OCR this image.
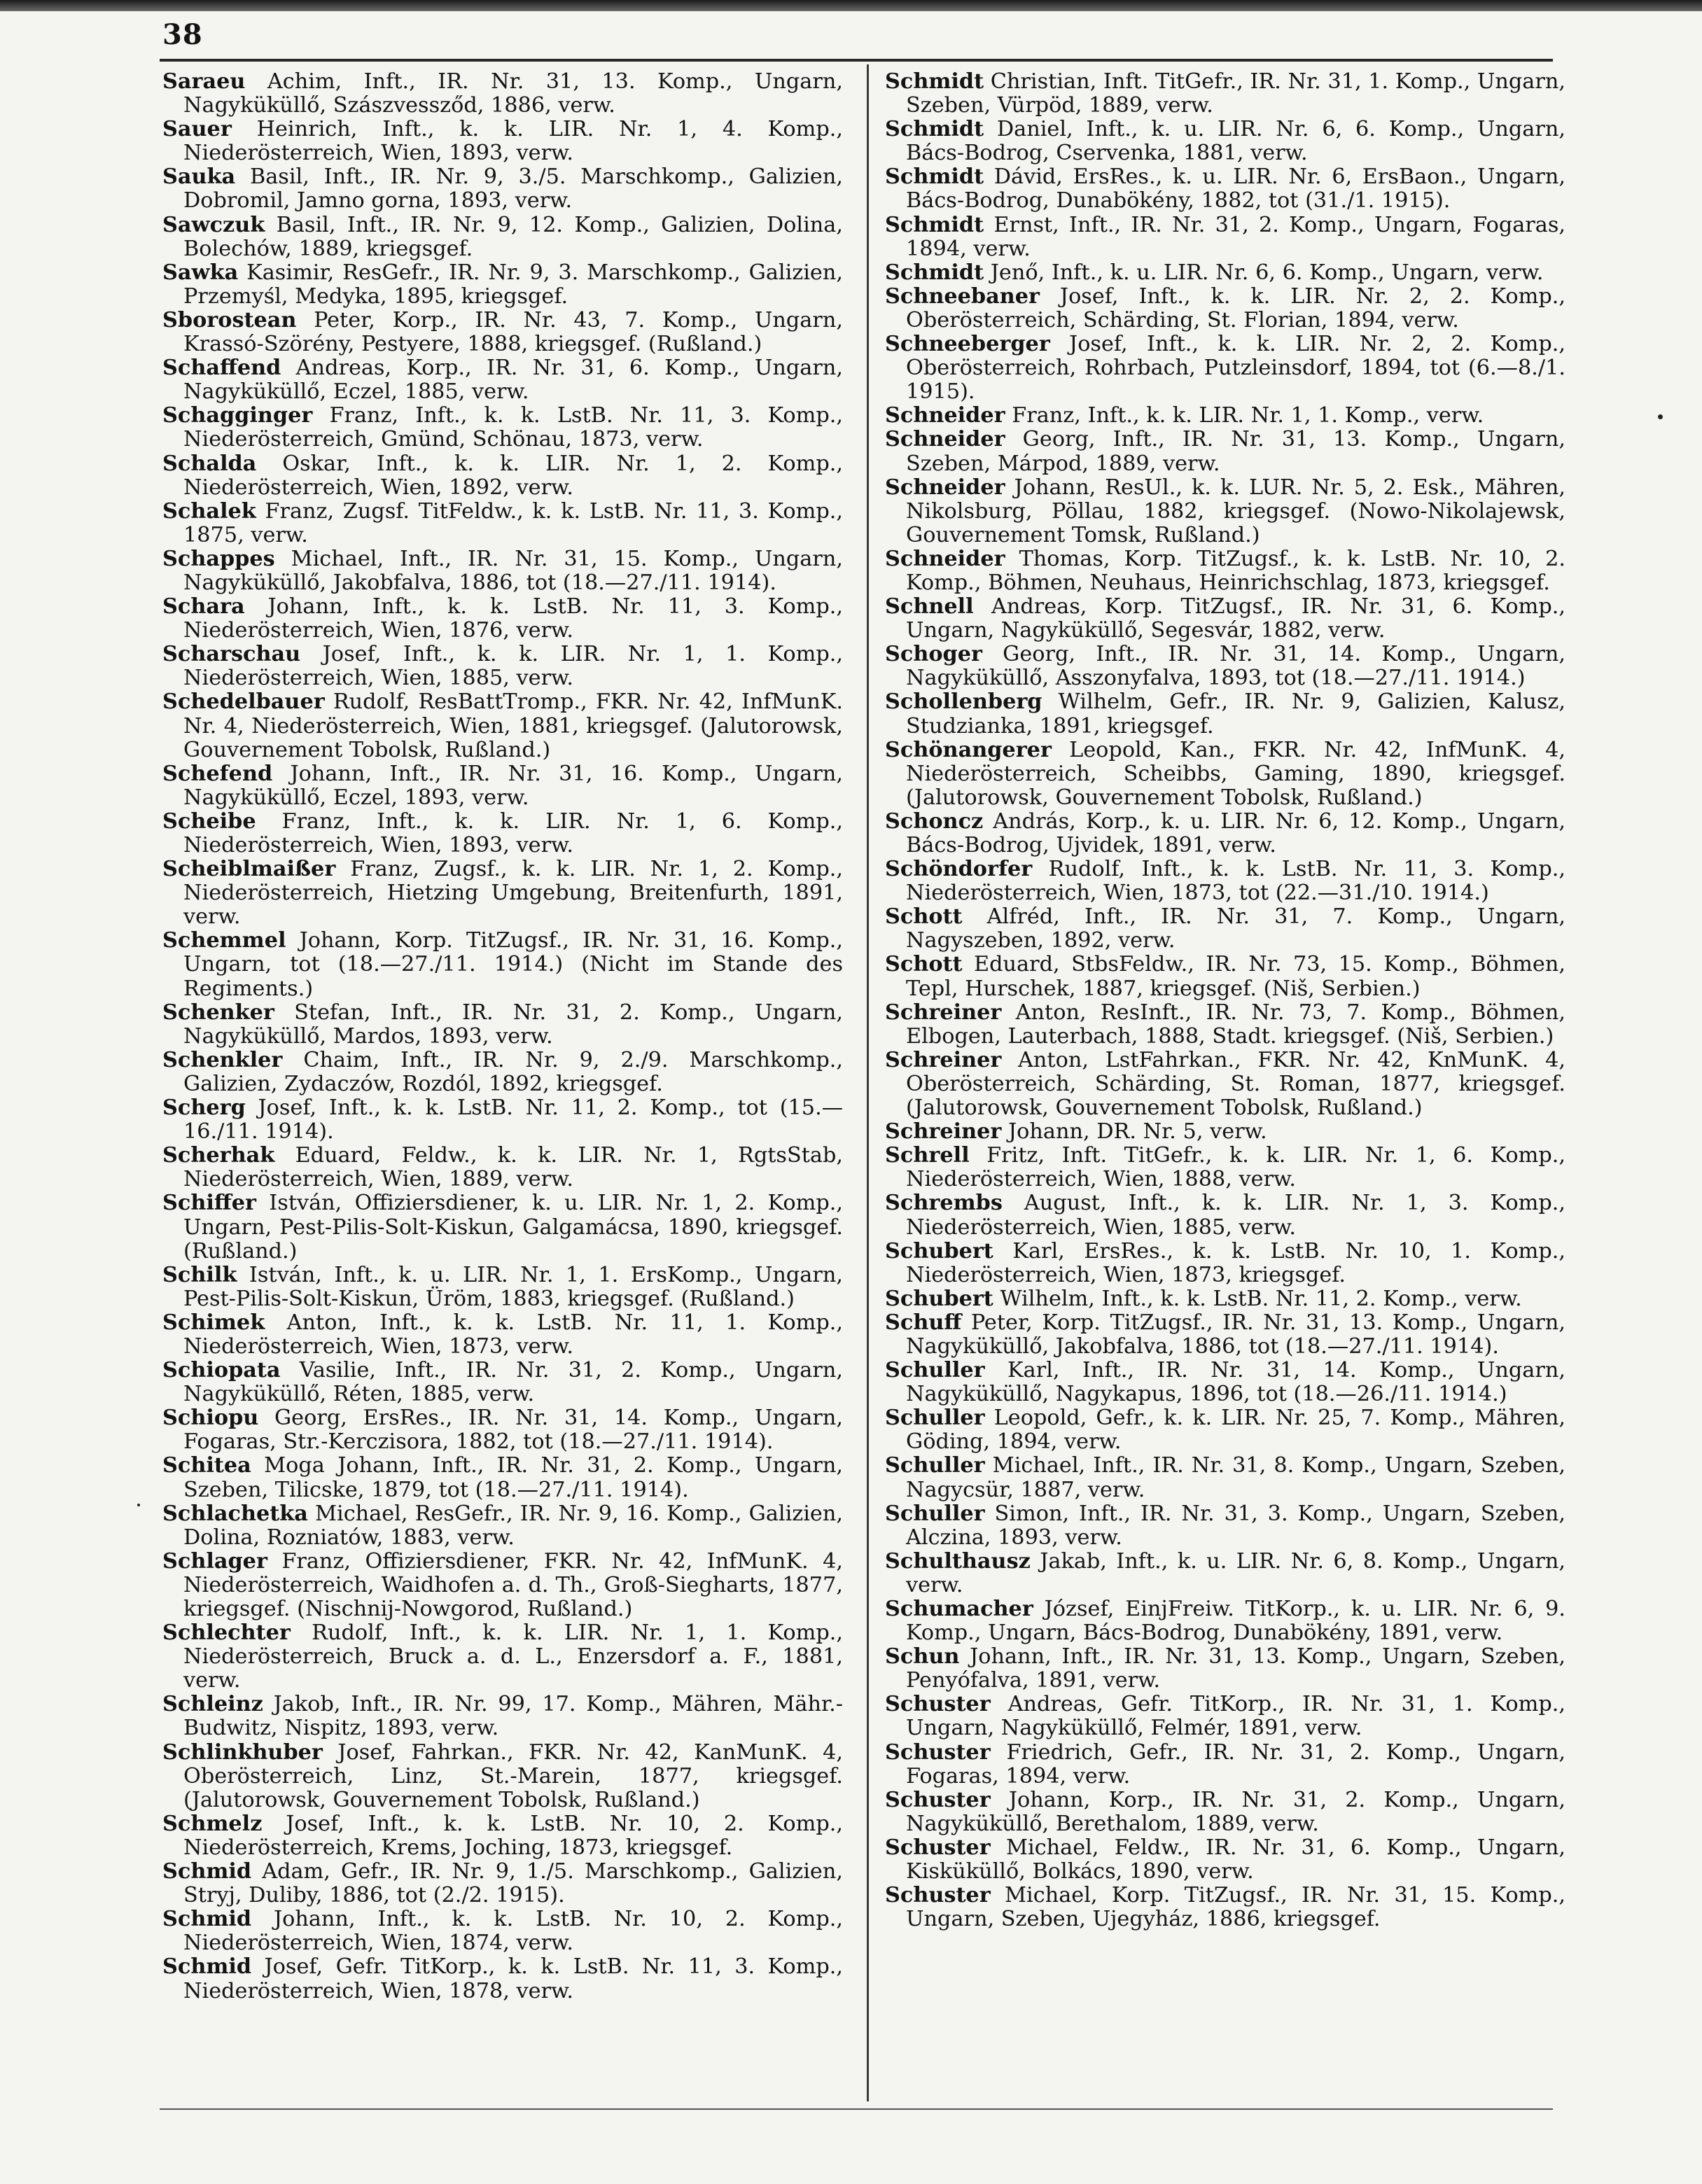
38

Saraeu Achim, Inft., IR. Nr. 31, 13. Komp., Ungarn, Nagyküküllő, Szászvessződ, 1886, verw.

Sauer Heinrich, Inft., k. k. LIR. Nr. 1, 4. Komp., Niederösterreich, Wien, 1893, verw.

Sauka Basil, Inft., IR. Nr. 9, 3./5. Marschkomp., Galizien, Dobromil, Jamno gorna, 1893, verw.

Sawczuk Basil, Inft., IR. Nr. 9, 12. Komp., Galizien, Dolina, Bolechów, 1889, kriegsgef.

Sawka Kasimir, ResGefr., IR. Nr. 9, 3. Marschkomp., Galizien, Przemyśl, Medyka, 1895, kriegsgef.

Sborostean Peter, Korp., IR. Nr. 43, 7. Komp., Ungarn, Krassó-Szörény, Pestyere, 1888, kriegsgef. (Rußland.)

Schaffend Andreas, Korp., IR. Nr. 31, 6. Komp., Ungarn, Nagyküküllő, Eczel, 1885, verw.

Schagginger Franz, Inft., k. k. LstB. Nr. 11, 3. Komp., Niederösterreich, Gmünd, Schönau, 1873, verw.

Schalda Oskar, Inft., k. k. LIR. Nr. 1, 2. Komp., Niederösterreich, Wien, 1892, verw.

Schalek Franz, Zugsf. TitFeldw., k. k. LstB. Nr. 11, 3. Komp., 1875, verw.

Schappes Michael, Inft., IR. Nr. 31, 15. Komp., Ungarn, Nagyküküllő, Jakobfalva, 1886, tot (18.—27./11. 1914).

Schara Johann, Inft., k. k. LstB. Nr. 11, 3. Komp., Niederösterreich, Wien, 1876, verw.

Scharschau Josef, Inft., k. k. LIR. Nr. 1, 1. Komp., Niederösterreich, Wien, 1885, verw.

Schedelbauer Rudolf, ResBattTromp., FKR. Nr. 42, InfMunK. Nr. 4, Niederösterreich, Wien, 1881, kriegsgef. (Jalutorowsk, Gouvernement Tobolsk, Rußland.)

Schefend Johann, Inft., IR. Nr. 31, 16. Komp., Ungarn, Nagyküküllő, Eczel, 1893, verw.

Scheibe Franz, Inft., k. k. LIR. Nr. 1, 6. Komp., Niederösterreich, Wien, 1893, verw.

Scheiblmaißer Franz, Zugsf., k. k. LIR. Nr. 1, 2. Komp., Niederösterreich, Hietzing Umgebung, Breitenfurth, 1891, verw.

Schemmel Johann, Korp. TitZugsf., IR. Nr. 31, 16. Komp., Ungarn, tot (18.—27./11. 1914.) (Nicht im Stande des Regiments.)

Schenker Stefan, Inft., IR. Nr. 31, 2. Komp., Ungarn, Nagyküküllő, Mardos, 1893, verw.

Schenkler Chaim, Inft., IR. Nr. 9, 2./9. Marschkomp., Galizien, Zydaczów, Rozdól, 1892, kriegsgef.

Scherg Josef, Inft., k. k. LstB. Nr. 11, 2. Komp., tot (15.—16./11. 1914).

Scherhak Eduard, Feldw., k. k. LIR. Nr. 1, RgtsStab, Niederösterreich, Wien, 1889, verw.

Schiffer István, Offiziersdiener, k. u. LIR. Nr. 1, 2. Komp., Ungarn, Pest-Pilis-Solt-Kiskun, Galgamácsa, 1890, kriegsgef. (Rußland.)

Schilk István, Inft., k. u. LIR. Nr. 1, 1. ErsKomp., Ungarn, Pest-Pilis-Solt-Kiskun, Üröm, 1883, kriegsgef. (Rußland.)

Schimek Anton, Inft., k. k. LstB. Nr. 11, 1. Komp., Niederösterreich, Wien, 1873, verw.

Schiopata Vasilie, Inft., IR. Nr. 31, 2. Komp., Ungarn, Nagyküküllő, Réten, 1885, verw.

Schiopu Georg, ErsRes., IR. Nr. 31, 14. Komp., Ungarn, Fogaras, Str.-Kerczisora, 1882, tot (18.—27./11. 1914).

Schitea Moga Johann, Inft., IR. Nr. 31, 2. Komp., Ungarn, Szeben, Tilicske, 1879, tot (18.—27./11. 1914).

Schlachetka Michael, ResGefr., IR. Nr. 9, 16. Komp., Galizien, Dolina, Rozniatów, 1883, verw.

Schlager Franz, Offiziersdiener, FKR. Nr. 42, InfMunK. 4, Niederösterreich, Waidhofen a. d. Th., Groß-Siegharts, 1877, kriegsgef. (Nischnij-Nowgorod, Rußland.)

Schlechter Rudolf, Inft., k. k. LIR. Nr. 1, 1. Komp., Niederösterreich, Bruck a. d. L., Enzersdorf a. F., 1881, verw.

Schleinz Jakob, Inft., IR. Nr. 99, 17. Komp., Mähren, Mähr.-Budwitz, Nispitz, 1893, verw.

Schlinkhuber Josef, Fahrkan., FKR. Nr. 42, KanMunK. 4, Oberösterreich, Linz, St.-Marein, 1877, kriegsgef. (Jalutorowsk, Gouvernement Tobolsk, Rußland.)

Schmelz Josef, Inft., k. k. LstB. Nr. 10, 2. Komp., Niederösterreich, Krems, Joching, 1873, kriegsgef.

Schmid Adam, Gefr., IR. Nr. 9, 1./5. Marschkomp., Galizien, Stryj, Duliby, 1886, tot (2./2. 1915).

Schmid Johann, Inft., k. k. LstB. Nr. 10, 2. Komp., Niederösterreich, Wien, 1874, verw.

Schmid Josef, Gefr. TitKorp., k. k. LstB. Nr. 11, 3. Komp., Niederösterreich, Wien, 1878, verw.

Schmidt Christian, Inft. TitGefr., IR. Nr. 31, 1. Komp., Ungarn, Szeben, Vürpöd, 1889, verw.

Schmidt Daniel, Inft., k. u. LIR. Nr. 6, 6. Komp., Ungarn, Bács-Bodrog, Cservenka, 1881, verw.

Schmidt Dávid, ErsRes., k. u. LIR. Nr. 6, ErsBaon., Ungarn, Bács-Bodrog, Dunabökény, 1882, tot (31./1. 1915).

Schmidt Ernst, Inft., IR. Nr. 31, 2. Komp., Ungarn, Fogaras, 1894, verw.

Schmidt Jenő, Inft., k. u. LIR. Nr. 6, 6. Komp., Ungarn, verw.

Schneebaner Josef, Inft., k. k. LIR. Nr. 2, 2. Komp., Oberösterreich, Schärding, St. Florian, 1894, verw.

Schneeberger Josef, Inft., k. k. LIR. Nr. 2, 2. Komp., Oberösterreich, Rohrbach, Putzleinsdorf, 1894, tot (6.—8./1. 1915).

Schneider Franz, Inft., k. k. LIR. Nr. 1, 1. Komp., verw.

Schneider Georg, Inft., IR. Nr. 31, 13. Komp., Ungarn, Szeben, Márpod, 1889, verw.

Schneider Johann, ResUl., k. k. LUR. Nr. 5, 2. Esk., Mähren, Nikolsburg, Pöllau, 1882, kriegsgef. (Nowo-Nikolajewsk, Gouvernement Tomsk, Rußland.)

Schneider Thomas, Korp. TitZugsf., k. k. LstB. Nr. 10, 2. Komp., Böhmen, Neuhaus, Heinrichschlag, 1873, kriegsgef.

Schnell Andreas, Korp. TitZugsf., IR. Nr. 31, 6. Komp., Ungarn, Nagyküküllő, Segesvár, 1882, verw.

Schoger Georg, Inft., IR. Nr. 31, 14. Komp., Ungarn, Nagyküküllő, Asszonyfalva, 1893, tot (18.—27./11. 1914.)

Schollenberg Wilhelm, Gefr., IR. Nr. 9, Galizien, Kalusz, Studzianka, 1891, kriegsgef.

Schönangerer Leopold, Kan., FKR. Nr. 42, InfMunK. 4, Niederösterreich, Scheibbs, Gaming, 1890, kriegsgef. (Jalutorowsk, Gouvernement Tobolsk, Rußland.)

Schoncz András, Korp., k. u. LIR. Nr. 6, 12. Komp., Ungarn, Bács-Bodrog, Ujvidek, 1891, verw.

Schöndorfer Rudolf, Inft., k. k. LstB. Nr. 11, 3. Komp., Niederösterreich, Wien, 1873, tot (22.—31./10. 1914.)

Schott Alfréd, Inft., IR. Nr. 31, 7. Komp., Ungarn, Nagyszeben, 1892, verw.

Schott Eduard, StbsFeldw., IR. Nr. 73, 15. Komp., Böhmen, Tepl, Hurschek, 1887, kriegsgef. (Niš, Serbien.)

Schreiner Anton, ResInft., IR. Nr. 73, 7. Komp., Böhmen, Elbogen, Lauterbach, 1888, Stadt. kriegsgef. (Niš, Serbien.)

Schreiner Anton, LstFahrkan., FKR. Nr. 42, KnMunK. 4, Oberösterreich, Schärding, St. Roman, 1877, kriegsgef. (Jalutorowsk, Gouvernement Tobolsk, Rußland.)

Schreiner Johann, DR. Nr. 5, verw.

Schrell Fritz, Inft. TitGefr., k. k. LIR. Nr. 1, 6. Komp., Niederösterreich, Wien, 1888, verw.

Schrembs August, Inft., k. k. LIR. Nr. 1, 3. Komp., Niederösterreich, Wien, 1885, verw.

Schubert Karl, ErsRes., k. k. LstB. Nr. 10, 1. Komp., Niederösterreich, Wien, 1873, kriegsgef.

Schubert Wilhelm, Inft., k. k. LstB. Nr. 11, 2. Komp., verw.

Schuff Peter, Korp. TitZugsf., IR. Nr. 31, 13. Komp., Ungarn, Nagyküküllő, Jakobfalva, 1886, tot (18.—27./11. 1914).

Schuller Karl, Inft., IR. Nr. 31, 14. Komp., Ungarn, Nagyküküllő, Nagykapus, 1896, tot (18.—26./11. 1914.)

Schuller Leopold, Gefr., k. k. LIR. Nr. 25, 7. Komp., Mähren, Göding, 1894, verw.

Schuller Michael, Inft., IR. Nr. 31, 8. Komp., Ungarn, Szeben, Nagycsür, 1887, verw.

Schuller Simon, Inft., IR. Nr. 31, 3. Komp., Ungarn, Szeben, Alczina, 1893, verw.

Schulthausz Jakab, Inft., k. u. LIR. Nr. 6, 8. Komp., Ungarn, verw.

Schumacher József, EinjFreiw. TitKorp., k. u. LIR. Nr. 6, 9. Komp., Ungarn, Bács-Bodrog, Dunabökény, 1891, verw.

Schun Johann, Inft., IR. Nr. 31, 13. Komp., Ungarn, Szeben, Penyófalva, 1891, verw.

Schuster Andreas, Gefr. TitKorp., IR. Nr. 31, 1. Komp., Ungarn, Nagyküküllő, Felmér, 1891, verw.

Schuster Friedrich, Gefr., IR. Nr. 31, 2. Komp., Ungarn, Fogaras, 1894, verw.

Schuster Johann, Korp., IR. Nr. 31, 2. Komp., Ungarn, Nagyküküllő, Berethalom, 1889, verw.

Schuster Michael, Feldw., IR. Nr. 31, 6. Komp., Ungarn, Kisküküllő, Bolkács, 1890, verw.

Schuster Michael, Korp. TitZugsf., IR. Nr. 31, 15. Komp., Ungarn, Szeben, Ujegyház, 1886, kriegsgef.
